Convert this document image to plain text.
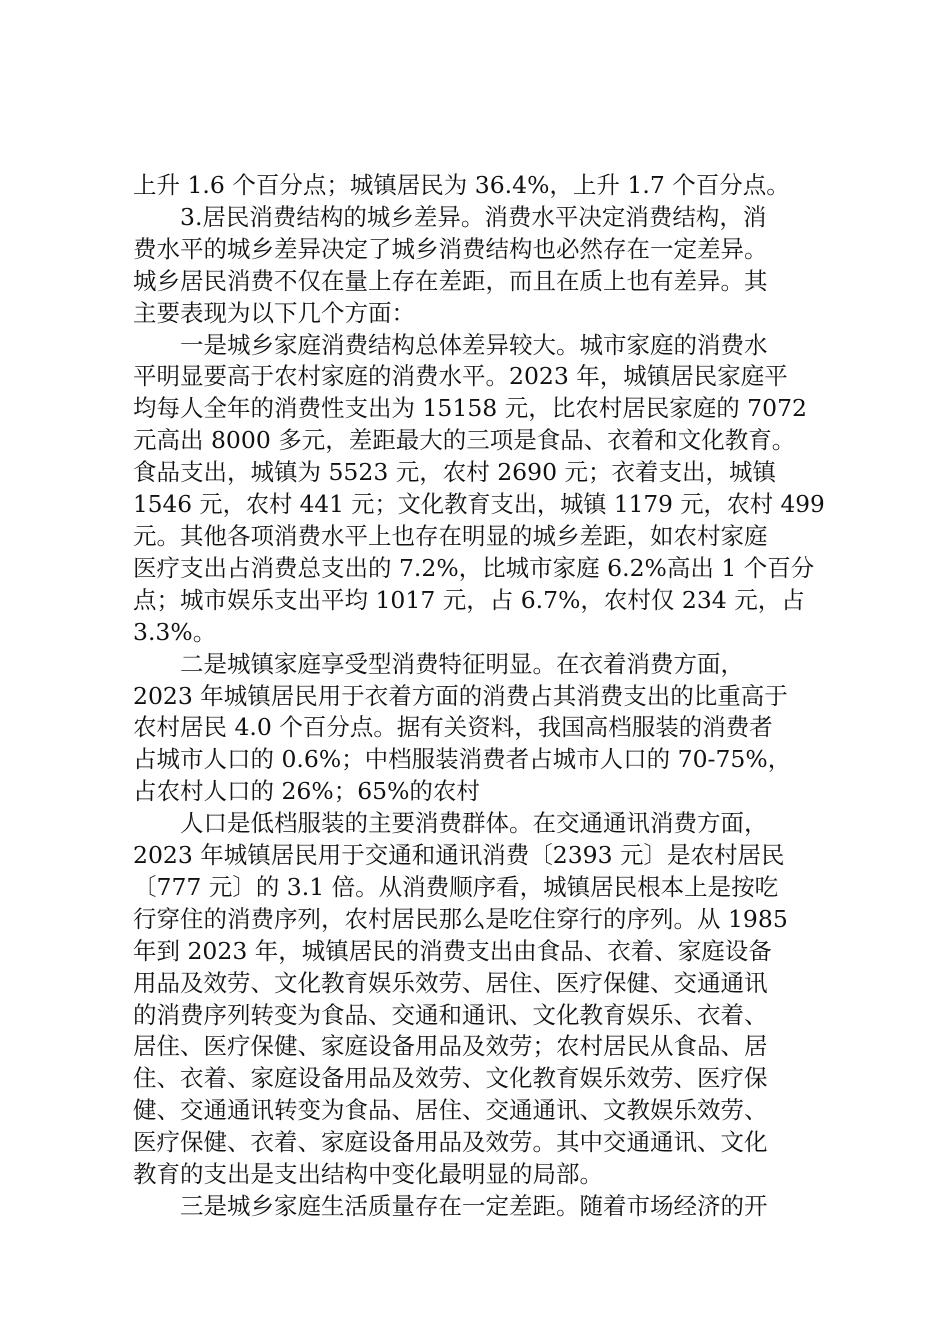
上升 1.6 个百分点；城镇居民为 36.4%，上升 1.7 个百分点。
3.居民消费结构的城乡差异。消费水平决定消费结构，消
费水平的城乡差异决定了城乡消费结构也必然存在一定差异。
城乡居民消费不仅在量上存在差距，而且在质上也有差异。其
主要表现为以下几个方面：
一是城乡家庭消费结构总体差异较大。城市家庭的消费水
平明显要高于农村家庭的消费水平。2023 年，城镇居民家庭平
均每人全年的消费性支出为 15158 元，比农村居民家庭的 7072
元高出 8000 多元，差距最大的三项是食品、衣着和文化教育。
食品支出，城镇为 5523 元，农村 2690 元；衣着支出，城镇
1546 元，农村 441 元；文化教育支出，城镇 1179 元，农村 499
元。其他各项消费水平上也存在明显的城乡差距，如农村家庭
医疗支出占消费总支出的 7.2%，比城市家庭 6.2%高出 1 个百分
点；城市娱乐支出平均 1017 元，占 6.7%，农村仅 234 元，占
3.3%。
二是城镇家庭享受型消费特征明显。在衣着消费方面，
2023 年城镇居民用于衣着方面的消费占其消费支出的比重高于
农村居民 4.0 个百分点。据有关资料，我国高档服装的消费者
占城市人口的 0.6%；中档服装消费者占城市人口的 70-75%，
占农村人口的 26%；65%的农村
人口是低档服装的主要消费群体。在交通通讯消费方面，
2023 年城镇居民用于交通和通讯消费〔2393 元〕是农村居民
〔777 元〕的 3.1 倍。从消费顺序看，城镇居民根本上是按吃
行穿住的消费序列，农村居民那么是吃住穿行的序列。从 1985
年到 2023 年，城镇居民的消费支出由食品、衣着、家庭设备
用品及效劳、文化教育娱乐效劳、居住、医疗保健、交通通讯
的消费序列转变为食品、交通和通讯、文化教育娱乐、衣着、
居住、医疗保健、家庭设备用品及效劳；农村居民从食品、居
住、衣着、家庭设备用品及效劳、文化教育娱乐效劳、医疗保
健、交通通讯转变为食品、居住、交通通讯、文教娱乐效劳、
医疗保健、衣着、家庭设备用品及效劳。其中交通通讯、文化
教育的支出是支出结构中变化最明显的局部。
三是城乡家庭生活质量存在一定差距。随着市场经济的开
